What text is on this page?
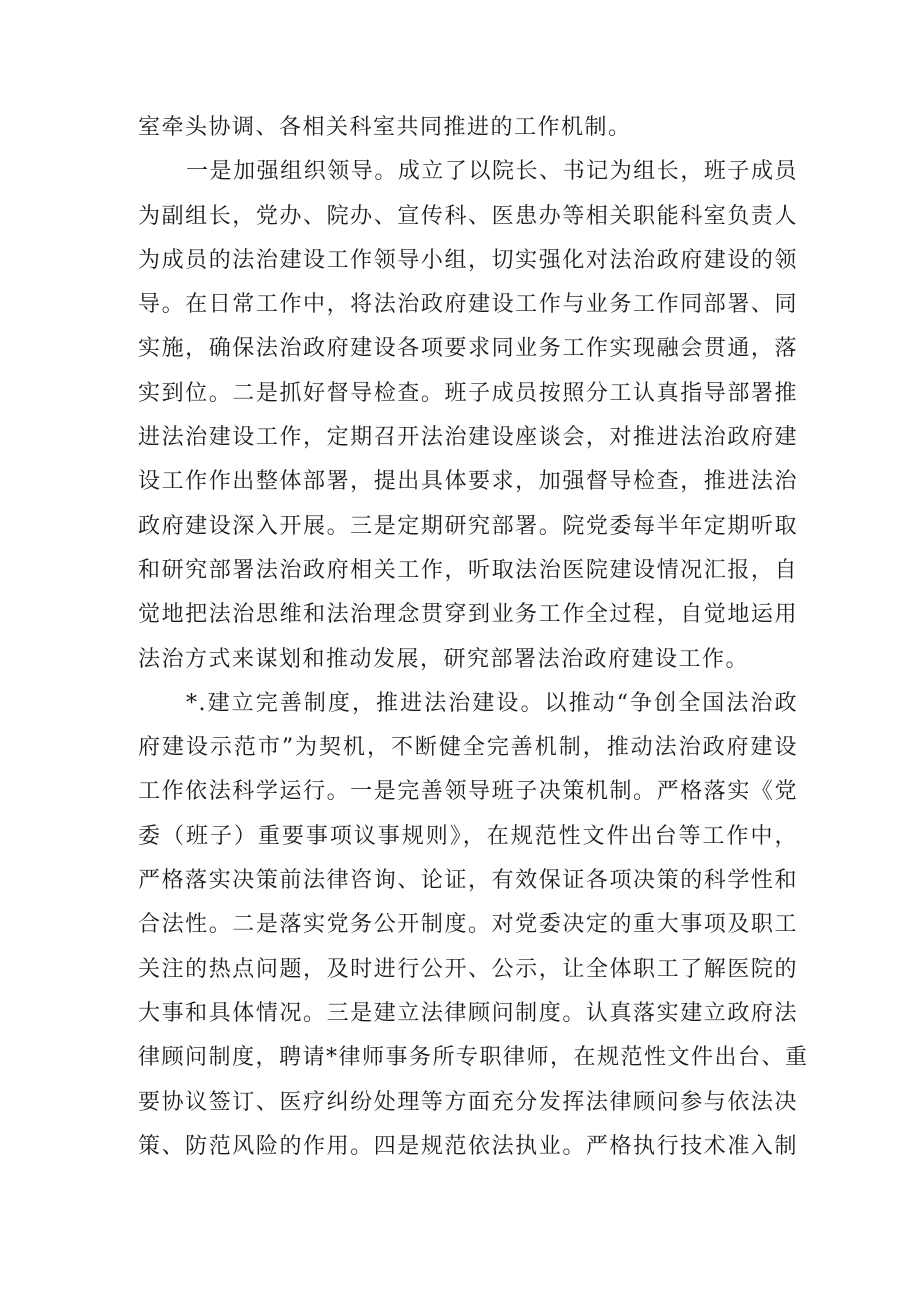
室牵头协调、各相关科室共同推进的工作机制。
一是加强组织领导。成立了以院长、书记为组长，班子成员
为副组长，党办、院办、宣传科、医患办等相关职能科室负责人
为成员的法治建设工作领导小组，切实强化对法治政府建设的领
导。在日常工作中，将法治政府建设工作与业务工作同部署、同
实施，确保法治政府建设各项要求同业务工作实现融会贯通，落
实到位。二是抓好督导检查。班子成员按照分工认真指导部署推
进法治建设工作，定期召开法治建设座谈会，对推进法治政府建
设工作作出整体部署，提出具体要求，加强督导检查，推进法治
政府建设深入开展。三是定期研究部署。院党委每半年定期听取
和研究部署法治政府相关工作，听取法治医院建设情况汇报，自
觉地把法治思维和法治理念贯穿到业务工作全过程，自觉地运用
法治方式来谋划和推动发展，研究部署法治政府建设工作。
*.建立完善制度，推进法治建设。以推动“争创全国法治政
府建设示范市”为契机，不断健全完善机制，推动法治政府建设
工作依法科学运行。一是完善领导班子决策机制。严格落实《党
委（班子）重要事项议事规则》，在规范性文件出台等工作中，
严格落实决策前法律咨询、论证，有效保证各项决策的科学性和
合法性。二是落实党务公开制度。对党委决定的重大事项及职工
关注的热点问题，及时进行公开、公示，让全体职工了解医院的
大事和具体情况。三是建立法律顾问制度。认真落实建立政府法
律顾问制度，聘请*律师事务所专职律师，在规范性文件出台、重
要协议签订、医疗纠纷处理等方面充分发挥法律顾问参与依法决
策、防范风险的作用。四是规范依法执业。严格执行技术准入制
